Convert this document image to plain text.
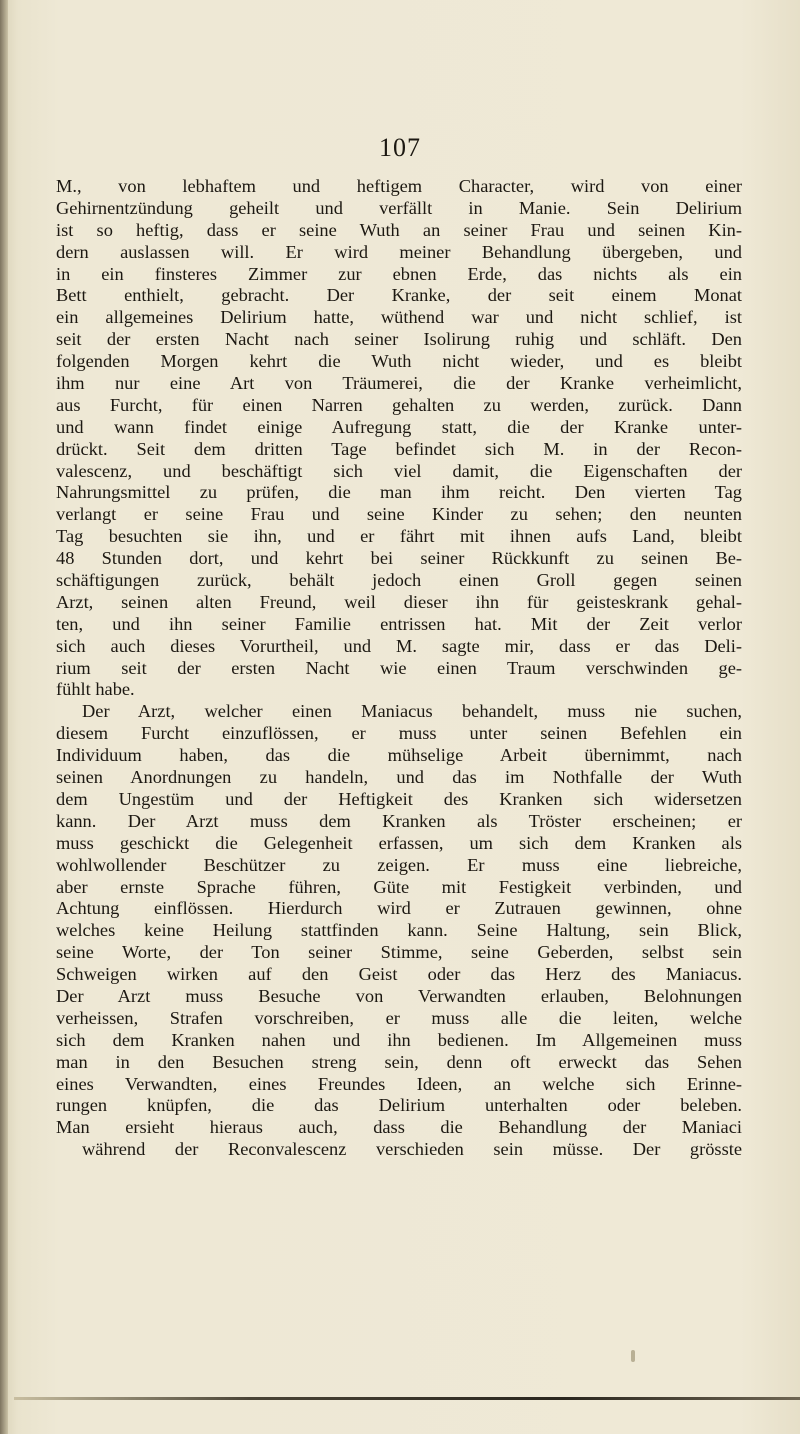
107
M., von lebhaftem und heftigem Character, wird von einer
Gehirnentzündung geheilt und verfällt in Manie. Sein Delirium
ist so heftig, dass er seine Wuth an seiner Frau und seinen Kin-
dern auslassen will. Er wird meiner Behandlung übergeben, und
in ein finsteres Zimmer zur ebnen Erde, das nichts als ein
Bett enthielt, gebracht. Der Kranke, der seit einem Monat
ein allgemeines Delirium hatte, wüthend war und nicht schlief, ist
seit der ersten Nacht nach seiner Isolirung ruhig und schläft. Den
folgenden Morgen kehrt die Wuth nicht wieder, und es bleibt
ihm nur eine Art von Träumerei, die der Kranke verheimlicht,
aus Furcht, für einen Narren gehalten zu werden, zurück. Dann
und wann findet einige Aufregung statt, die der Kranke unter-
drückt. Seit dem dritten Tage befindet sich M. in der Recon-
valescenz, und beschäftigt sich viel damit, die Eigenschaften der
Nahrungsmittel zu prüfen, die man ihm reicht. Den vierten Tag
verlangt er seine Frau und seine Kinder zu sehen; den neunten
Tag besuchten sie ihn, und er fährt mit ihnen aufs Land, bleibt
48 Stunden dort, und kehrt bei seiner Rückkunft zu seinen Be-
schäftigungen zurück, behält jedoch einen Groll gegen seinen
Arzt, seinen alten Freund, weil dieser ihn für geisteskrank gehal-
ten, und ihn seiner Familie entrissen hat. Mit der Zeit verlor
sich auch dieses Vorurtheil, und M. sagte mir, dass er das Deli-
rium seit der ersten Nacht wie einen Traum verschwinden ge-
fühlt habe.
Der Arzt, welcher einen Maniacus behandelt, muss nie suchen,
diesem Furcht einzuflössen, er muss unter seinen Befehlen ein
Individuum haben, das die mühselige Arbeit übernimmt, nach
seinen Anordnungen zu handeln, und das im Nothfalle der Wuth
dem Ungestüm und der Heftigkeit des Kranken sich widersetzen
kann. Der Arzt muss dem Kranken als Tröster erscheinen; er
muss geschickt die Gelegenheit erfassen, um sich dem Kranken als
wohlwollender Beschützer zu zeigen. Er muss eine liebreiche,
aber ernste Sprache führen, Güte mit Festigkeit verbinden, und
Achtung einflössen. Hierdurch wird er Zutrauen gewinnen, ohne
welches keine Heilung stattfinden kann. Seine Haltung, sein Blick,
seine Worte, der Ton seiner Stimme, seine Geberden, selbst sein
Schweigen wirken auf den Geist oder das Herz des Maniacus.
Der Arzt muss Besuche von Verwandten erlauben, Belohnungen
verheissen, Strafen vorschreiben, er muss alle die leiten, welche
sich dem Kranken nahen und ihn bedienen. Im Allgemeinen muss
man in den Besuchen streng sein, denn oft erweckt das Sehen
eines Verwandten, eines Freundes Ideen, an welche sich Erinne-
rungen knüpfen, die das Delirium unterhalten oder beleben.
Man ersieht hieraus auch, dass die Behandlung der Maniaci
während der Reconvalescenz verschieden sein müsse. Der grösste
